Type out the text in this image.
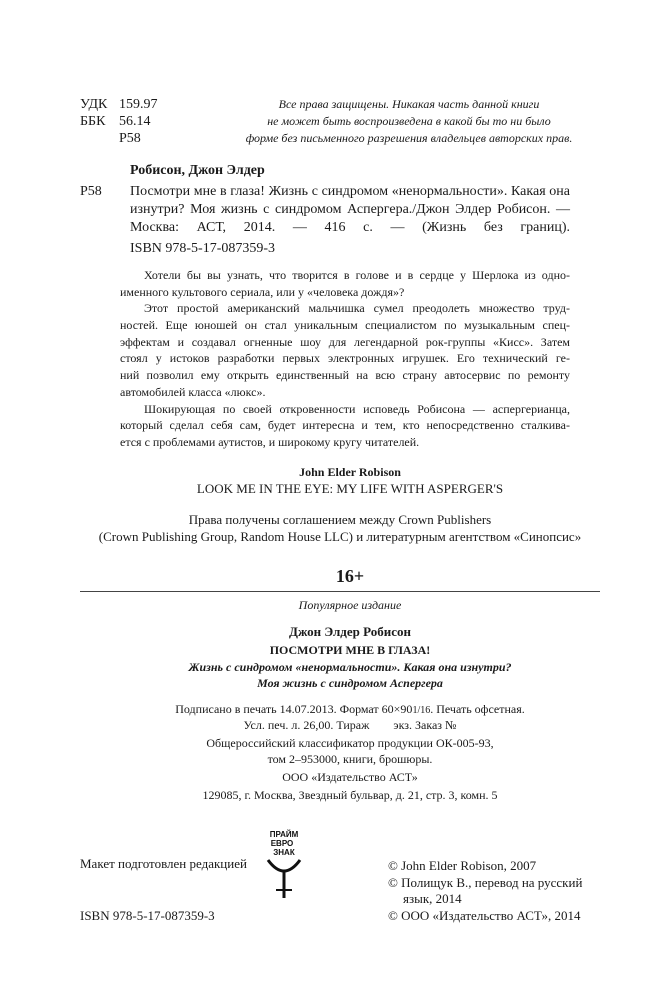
УДК 159.97
ББК 56.14
Р58
Все права защищены. Никакая часть данной книги
не может быть воспроизведена в какой бы то ни было
форме без письменного разрешения владельцев авторских прав.
Робисон, Джон Элдер
Р58 Посмотри мне в глаза! Жизнь с синдромом «ненормальности». Какая она изнутри? Моя жизнь с синдромом Аспергера./Джон Элдер Робисон. — Москва: АСТ, 2014. — 416 с. — (Жизнь без границ).
ISBN 978-5-17-087359-3
Хотели бы вы узнать, что творится в голове и в сердце у Шерлока из одно-
именного культового сериала, или у «человека дождя»?
Этот простой американский мальчишка сумел преодолеть множество труд-
ностей. Еще юношей он стал уникальным специалистом по музыкальным спец-
эффектам и создавал огненные шоу для легендарной рок-группы «Кисс». Затем
стоял у истоков разработки первых электронных игрушек. Его технический ге-
ний позволил ему открыть единственный на всю страну автосервис по ремонту
автомобилей класса «люкс».
Шокирующая по своей откровенности исповедь Робисона — аспергерианца,
который сделал себя сам, будет интересна и тем, кто непосредственно сталкива-
ется с проблемами аутистов, и широкому кругу читателей.
John Elder Robison
LOOK ME IN THE EYE: MY LIFE WITH ASPERGER'S
Права получены соглашением между Crown Publishers
(Crown Publishing Group, Random House LLC) и литературным агентством «Синопсис»
16+
Популярное издание
Джон Элдер Робисон
ПОСМОТРИ МНЕ В ГЛАЗА!
Жизнь с синдромом «ненормальности». Какая она изнутри?
Моя жизнь с синдромом Аспергера
Подписано в печать 14.07.2013. Формат 60×901/16. Печать офсетная.
Усл. печ. л. 26,00. Тираж        экз. Заказ №
Общероссийский классификатор продукции ОК-005-93,
том 2–953000, книги, брошюры.
ООО «Издательство АСТ»
129085, г. Москва, Звездный бульвар, д. 21, стр. 3, комн. 5
Макет подготовлен редакцией
ПРАЙМ
ЕВРО
ЗНАК
© John Elder Robison, 2007
© Полищук В., перевод на русский
язык, 2014
© ООО «Издательство АСТ», 2014
ISBN 978-5-17-087359-3
